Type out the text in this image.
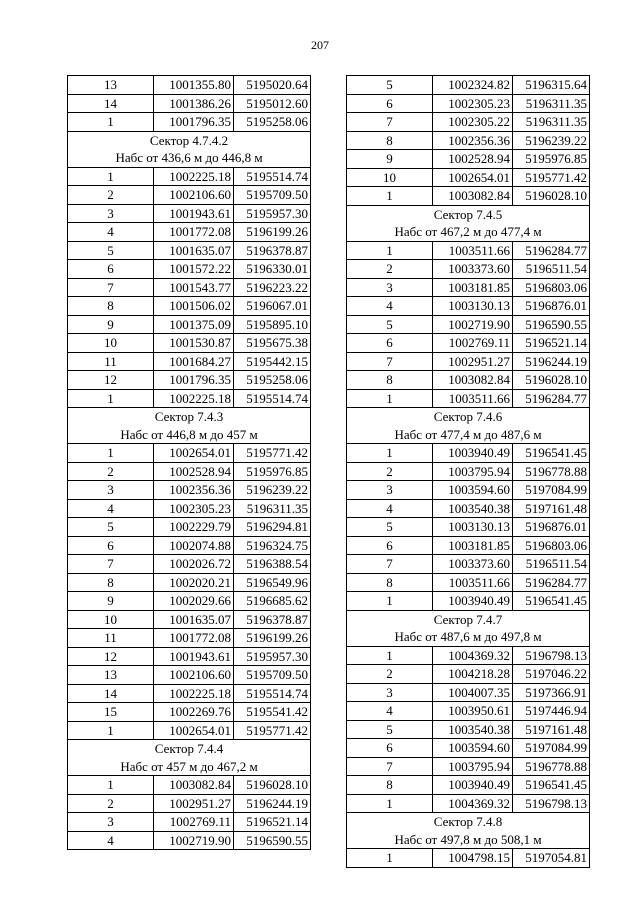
207
13	1001355.80	5195020.64
14	1001386.26	5195012.60
1	1001796.35	5195258.06
Сектор 4.7.4.2		
Набс от 436,6 м до 446,8 м		
1	1002225.18	5195514.74
2	1002106.60	5195709.50
3	1001943.61	5195957.30
4	1001772.08	5196199.26
5	1001635.07	5196378.87
6	1001572.22	5196330.01
7	1001543.77	5196223.22
8	1001506.02	5196067.01
9	1001375.09	5195895.10
10	1001530.87	5195675.38
11	1001684.27	5195442.15
12	1001796.35	5195258.06
1	1002225.18	5195514.74
Сектор 7.4.3		
Набс от 446,8 м до 457 м		
1	1002654.01	5195771.42
2	1002528.94	5195976.85
3	1002356.36	5196239.22
4	1002305.23	5196311.35
5	1002229.79	5196294.81
6	1002074.88	5196324.75
7	1002026.72	5196388.54
8	1002020.21	5196549.96
9	1002029.66	5196685.62
10	1001635.07	5196378.87
11	1001772.08	5196199.26
12	1001943.61	5195957.30
13	1002106.60	5195709.50
14	1002225.18	5195514.74
15	1002269.76	5195541.42
1	1002654.01	5195771.42
Сектор 7.4.4		
Набс от 457 м до 467,2 м		
1	1003082.84	5196028.10
2	1002951.27	5196244.19
3	1002769.11	5196521.14
4	1002719.90	5196590.55
5	1002324.82	5196315.64
6	1002305.23	5196311.35
7	1002305.22	5196311.35
8	1002356.36	5196239.22
9	1002528.94	5195976.85
10	1002654.01	5195771.42
1	1003082.84	5196028.10
Сектор 7.4.5		
Набс от 467,2 м до 477,4 м		
1	1003511.66	5196284.77
2	1003373.60	5196511.54
3	1003181.85	5196803.06
4	1003130.13	5196876.01
5	1002719.90	5196590.55
6	1002769.11	5196521.14
7	1002951.27	5196244.19
8	1003082.84	5196028.10
1	1003511.66	5196284.77
Сектор 7.4.6		
Набс от 477,4 м до 487,6 м		
1	1003940.49	5196541.45
2	1003795.94	5196778.88
3	1003594.60	5197084.99
4	1003540.38	5197161.48
5	1003130.13	5196876.01
6	1003181.85	5196803.06
7	1003373.60	5196511.54
8	1003511.66	5196284.77
1	1003940.49	5196541.45
Сектор 7.4.7		
Набс от 487,6 м до 497,8 м		
1	1004369.32	5196798.13
2	1004218.28	5197046.22
3	1004007.35	5197366.91
4	1003950.61	5197446.94
5	1003540.38	5197161.48
6	1003594.60	5197084.99
7	1003795.94	5196778.88
8	1003940.49	5196541.45
1	1004369.32	5196798.13
Сектор 7.4.8		
Набс от 497,8 м до 508,1 м		
1	1004798.15	5197054.81
